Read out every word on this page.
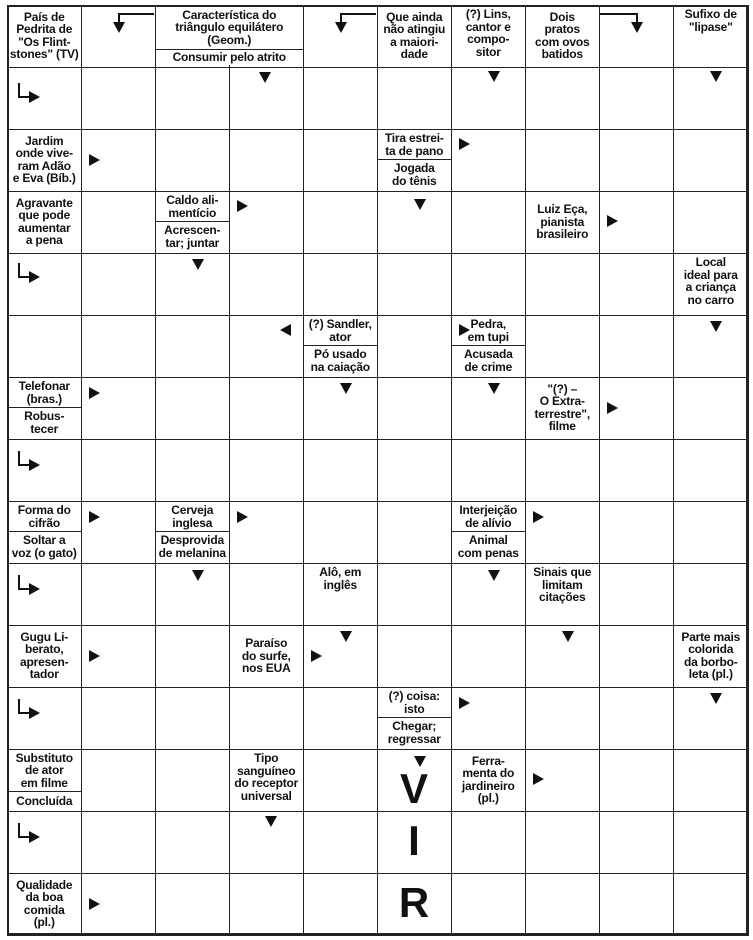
País de
Pedrita de
"Os Flint-
stones" (TV)
Característica do
triângulo equilátero
(Geom.)
Consumir pelo atrito
Que ainda
não atingiu
a maiori-
dade
(?) Lins,
cantor e
compo-
sitor
Dois
pratos
com ovos
batidos
Sufixo de
"lipase"
Jardim
onde vive-
ram Adão
e Eva (Bíb.)
Tira estrei-
ta de pano
Jogada
do tênis
Agravante
que pode
aumentar
a pena
Caldo ali-
mentício
Acrescen-
tar; juntar
Luiz Eça,
pianista
brasileiro
Local
ideal para
a criança
no carro
(?) Sandler,
ator
Pó usado
na caiação
Pedra,
em tupi
Acusada
de crime
Telefonar
(bras.)
Robus-
tecer
"(?) –
O Extra-
terrestre",
filme
Forma do
cifrão
Soltar a
voz (o gato)
Cerveja
inglesa
Desprovida
de melanina
Interjeição
de alívio
Animal
com penas
Alô, em
inglês
Sinais que
limitam
citações
Gugu Li-
berato,
apresen-
tador
Paraíso
do surfe,
nos EUA
Parte mais
colorida
da borbo-
leta (pl.)
(?) coisa:
isto
Chegar;
regressar
Substituto
de ator
em filme
Concluída
Tipo
sanguíneo
do receptor
universal
Ferra-
menta do
jardineiro
(pl.)
Qualidade
da boa
comida
(pl.)
V
I
R
